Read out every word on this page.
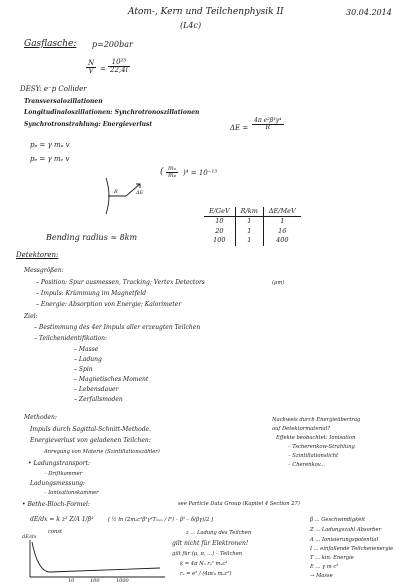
Atom-, Kern und Teilchenphysik II	30.04.2014
(L4c)
Gasflasche: p=200bar
$\frac{N}{V} = \frac{\text{10²³}}{22,4l}$
DESY: e⁻p Collider
Transversalozillationen
Longitudinaloszillationen: Synchrotronoszillationen
Synchrotronstrahlung: Energieverlust	$\Delta E = \frac{\text{4π e²β³γ⁴}}{R}$
pₚ = γ mₚ v
pₑ = γ mₑ v
( $\frac{\text{mₑ}}{\text{mₚ}} )^4 = 10^{-13}$
R	ΔE
E/GeV	R/km	ΔE/MeV
10	1	1
20	1	16
100	1	400
Bending radius ≈ 8km
Detektoren:
Messgrößen:
– Position: Spur ausmessen, Tracking; Vertex Detectors	(μm)
– Impuls: Krümmung im Magnetfeld
– Energie: Absorption von Energie; Kalorimeter
Ziel:
– Bestimmung des 4er Impuls aller erzeugten Teilchen
– Teilchenidentifikation:
– Masse
– Ladung
– Spin
– Magnetisches Moment
– Lebensdauer
– Zerfallsmoden
Methoden:
Impuls durch Sagittal-Schnitt-Methode.
Energieverlust von geladenen Teilchen:
Anregung von Materie (Szintillationszähler)
• Ladungstransport:
– Driftkammer
Ladungsmessung:
– Ionisationskammer
Nachweis durch Energieübertrag
auf Detektormaterial?
Effekte beobachtet: Ionisation
– Tscherenkow-Strahlung
– Szintillationslicht
– Cherenkov...
• Bethe-Bloch-Formel:	see Particle Data Group (Kapitel 4 Section 27)
dE/dx = k z² Z/A 1/β²	[ ½ ln (2mₑc²β²γ²Tₘₐₓ / I²) – β² – δ(βγ)/2 ]
const	z ... Ladung des Teilchen
gilt nicht für Elektronen!
gilt für (μ, π, ...) – Teilchen
k = 4π Nₐ rₑ² mₑc²
rₑ = e² / (4πε₀ mₑc²)
β ... Geschwindigkeit
Z ... Ladungszahl Absorber
A ... Ionisierungspotential
I ... einfallende Teilchenenergie
T ... kin. Energie
E ... γ m c²
→ Masse
dE/dx
10	100	1000
